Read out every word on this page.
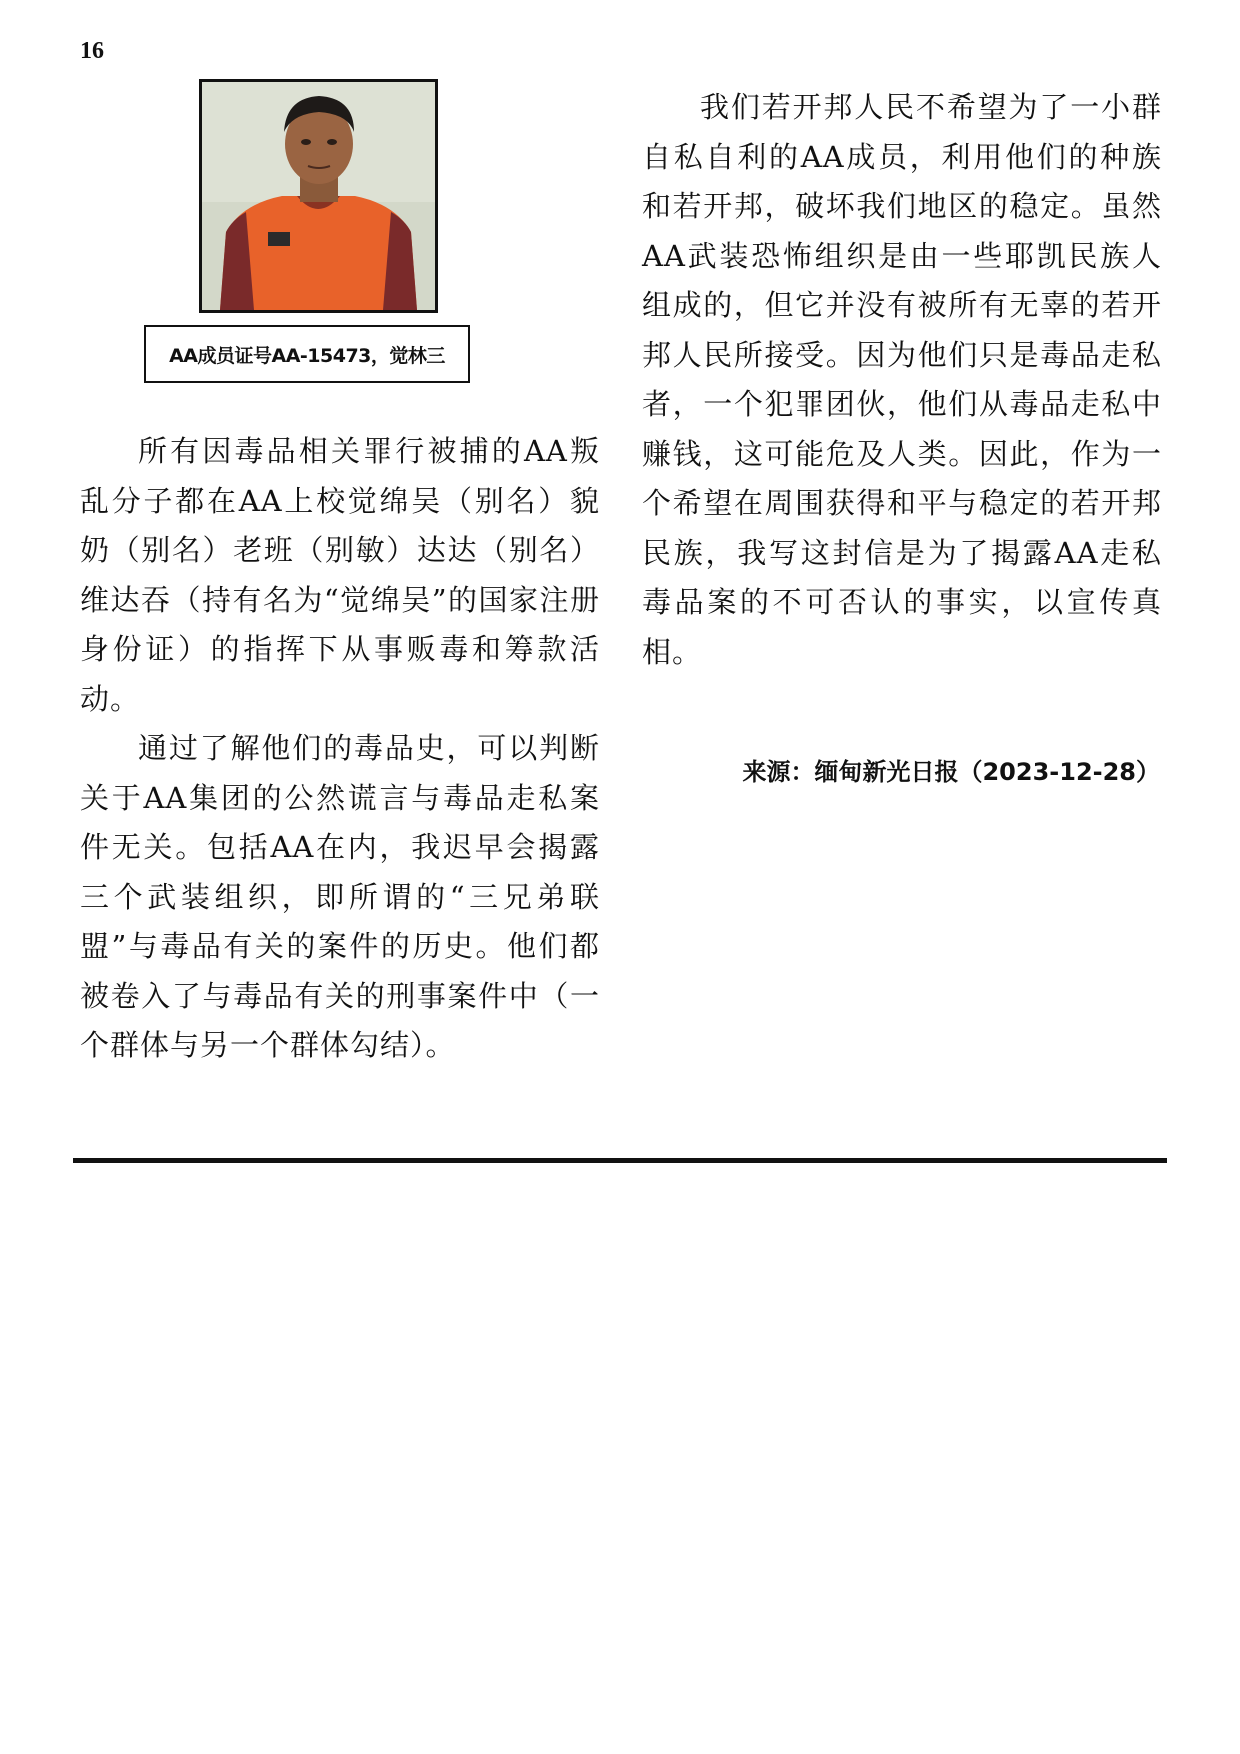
16
AA成员证号AA-15473，觉林三

所有因毒品相关罪行被捕的AA叛乱分子都在AA上校觉绵吴（别名）貌奶（别名）老班（别敏）达达（别名）维达吞（持有名为“觉绵吴”的国家注册身份证）的指挥下从事贩毒和筹款活动。

通过了解他们的毒品史，可以判断关于AA集团的公然谎言与毒品走私案件无关。包括AA在内，我迟早会揭露三个武装组织，即所谓的“三兄弟联盟”与毒品有关的案件的历史。他们都被卷入了与毒品有关的刑事案件中（一个群体与另一个群体勾结）。

我们若开邦人民不希望为了一小群自私自利的AA成员，利用他们的种族和若开邦，破坏我们地区的稳定。虽然AA武装恐怖组织是由一些耶凯民族人组成的，但它并没有被所有无辜的若开邦人民所接受。因为他们只是毒品走私者，一个犯罪团伙，他们从毒品走私中赚钱，这可能危及人类。因此，作为一个希望在周围获得和平与稳定的若开邦民族，我写这封信是为了揭露AA走私毒品案的不可否认的事实，以宣传真相。

来源：缅甸新光日报（2023-12-28）
